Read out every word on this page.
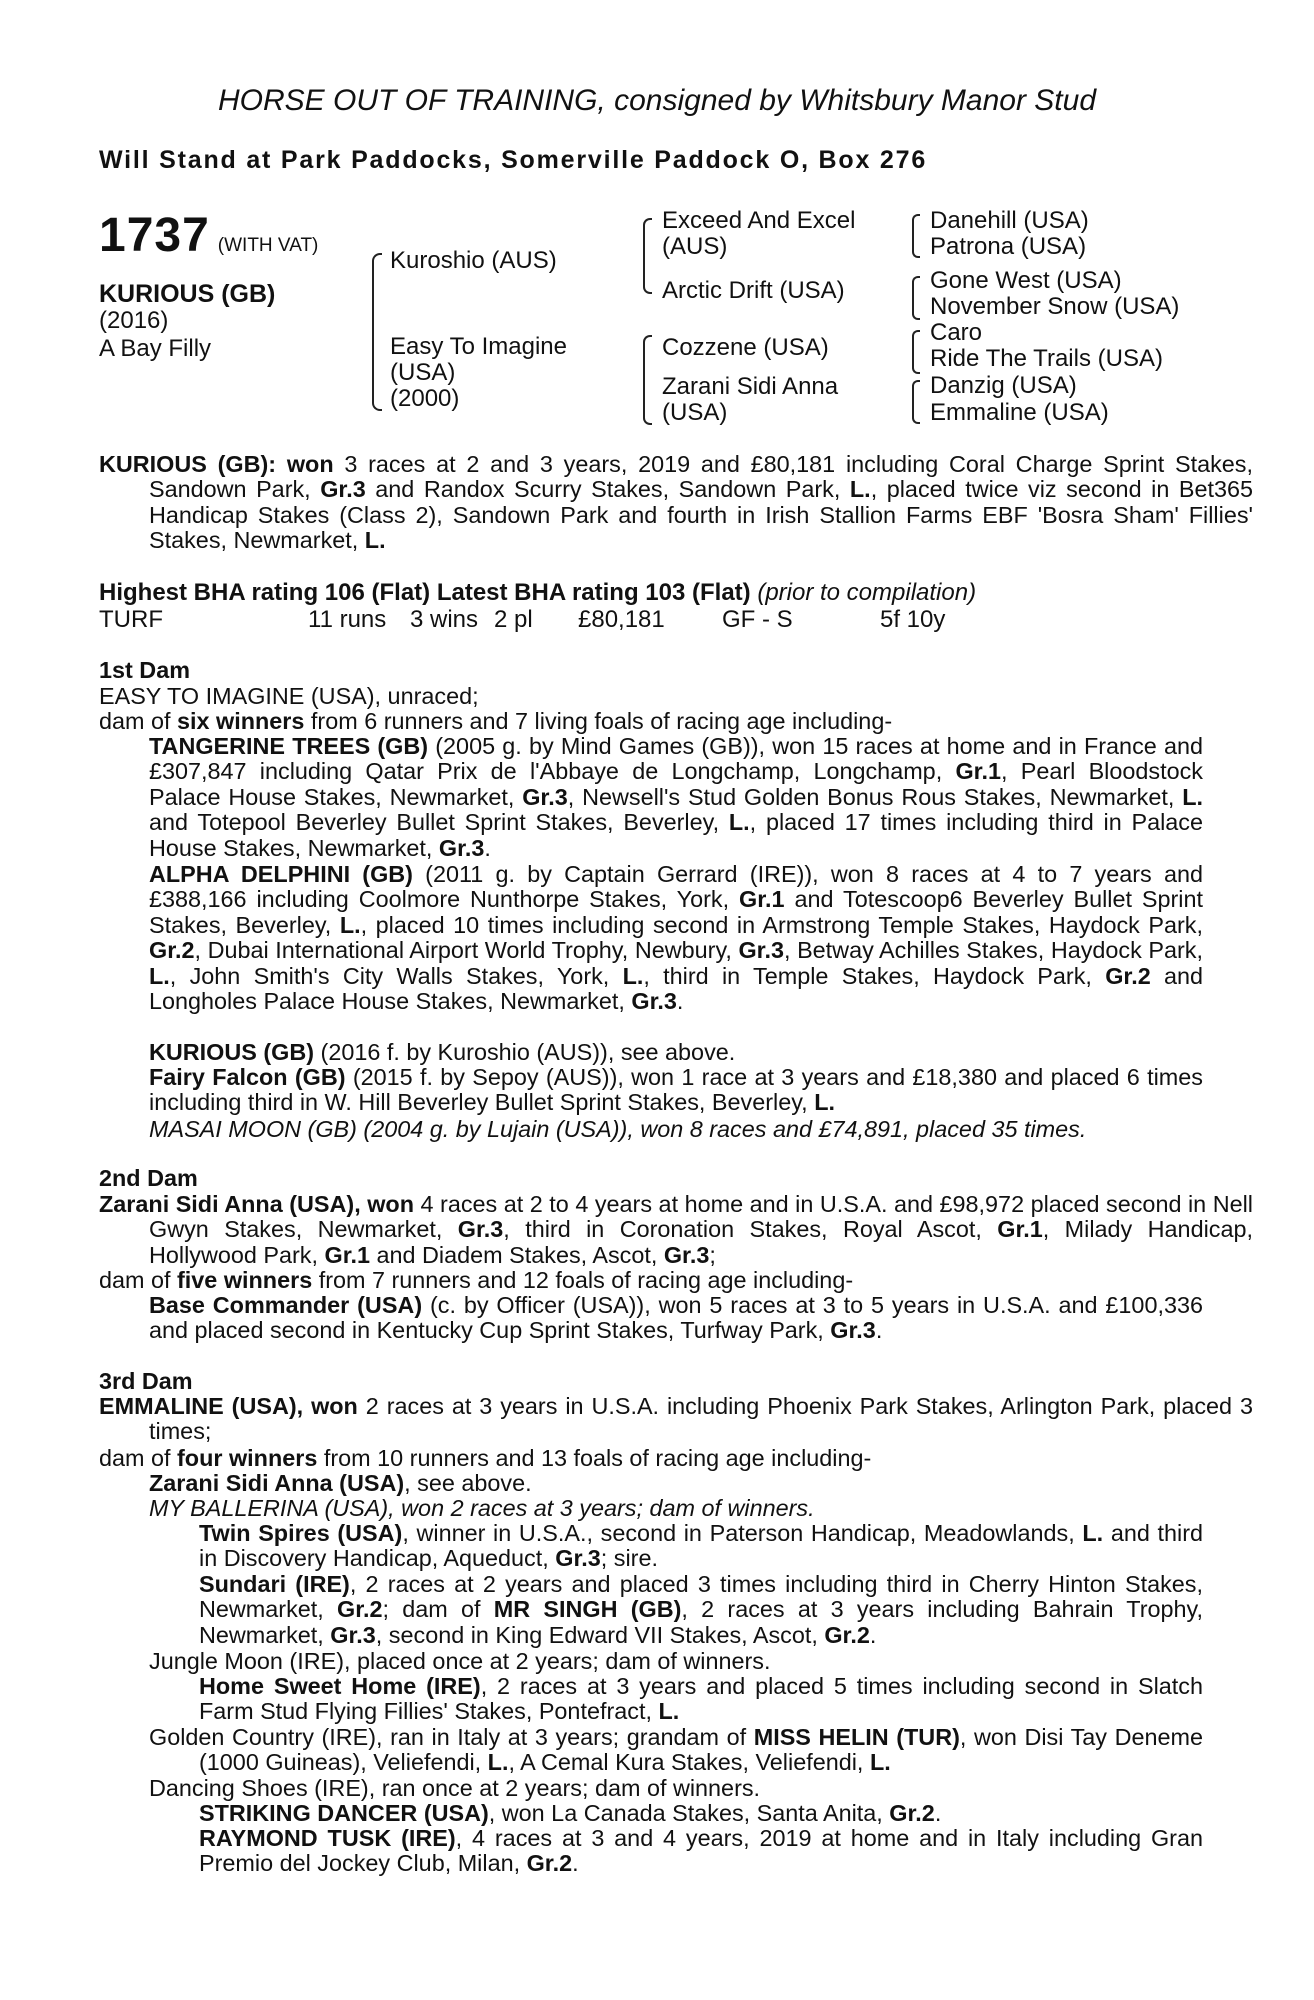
HORSE OUT OF TRAINING, consigned by Whitsbury Manor Stud
Will Stand at Park Paddocks, Somerville Paddock O, Box 276
1737 (WITH VAT)
KURIOUS (GB)
(2016)
A Bay Filly
Kuroshio (AUS)
Easy To Imagine
(USA)
(2000)
Exceed And Excel
(AUS)
Arctic Drift (USA)
Cozzene (USA)
Zarani Sidi Anna
(USA)
Danehill (USA)
Patrona (USA)
Gone West (USA)
November Snow (USA)
Caro
Ride The Trails (USA)
Danzig (USA)
Emmaline (USA)
KURIOUS (GB): won 3 races at 2 and 3 years, 2019 and £80,181 including Coral Charge Sprint Stakes, Sandown Park, Gr.3 and Randox Scurry Stakes, Sandown Park, L., placed twice viz second in Bet365 Handicap Stakes (Class 2), Sandown Park and fourth in Irish Stallion Farms EBF 'Bosra Sham' Fillies' Stakes, Newmarket, L.
Highest BHA rating 106 (Flat) Latest BHA rating 103 (Flat) (prior to compilation)
TURF	11 runs 3 wins 2 pl £80,181 GF - S	5f 10y
1st Dam
EASY TO IMAGINE (USA), unraced;
dam of six winners from 6 runners and 7 living foals of racing age including-
TANGERINE TREES (GB) (2005 g. by Mind Games (GB)), won 15 races at home and in France and £307,847 including Qatar Prix de l'Abbaye de Longchamp, Longchamp, Gr.1, Pearl Bloodstock Palace House Stakes, Newmarket, Gr.3, Newsell's Stud Golden Bonus Rous Stakes, Newmarket, L. and Totepool Beverley Bullet Sprint Stakes, Beverley, L., placed 17 times including third in Palace House Stakes, Newmarket, Gr.3.
ALPHA DELPHINI (GB) (2011 g. by Captain Gerrard (IRE)), won 8 races at 4 to 7 years and £388,166 including Coolmore Nunthorpe Stakes, York, Gr.1 and Totescoop6 Beverley Bullet Sprint Stakes, Beverley, L., placed 10 times including second in Armstrong Temple Stakes, Haydock Park, Gr.2, Dubai International Airport World Trophy, Newbury, Gr.3, Betway Achilles Stakes, Haydock Park, L., John Smith's City Walls Stakes, York, L., third in Temple Stakes, Haydock Park, Gr.2 and Longholes Palace House Stakes, Newmarket, Gr.3.
KURIOUS (GB) (2016 f. by Kuroshio (AUS)), see above.
Fairy Falcon (GB) (2015 f. by Sepoy (AUS)), won 1 race at 3 years and £18,380 and placed 6 times including third in W. Hill Beverley Bullet Sprint Stakes, Beverley, L.
MASAI MOON (GB) (2004 g. by Lujain (USA)), won 8 races and £74,891, placed 35 times.
2nd Dam
Zarani Sidi Anna (USA), won 4 races at 2 to 4 years at home and in U.S.A. and £98,972 placed second in Nell Gwyn Stakes, Newmarket, Gr.3, third in Coronation Stakes, Royal Ascot, Gr.1, Milady Handicap, Hollywood Park, Gr.1 and Diadem Stakes, Ascot, Gr.3;
dam of five winners from 7 runners and 12 foals of racing age including-
Base Commander (USA) (c. by Officer (USA)), won 5 races at 3 to 5 years in U.S.A. and £100,336 and placed second in Kentucky Cup Sprint Stakes, Turfway Park, Gr.3.
3rd Dam
EMMALINE (USA), won 2 races at 3 years in U.S.A. including Phoenix Park Stakes, Arlington Park, placed 3 times;
dam of four winners from 10 runners and 13 foals of racing age including-
Zarani Sidi Anna (USA), see above.
MY BALLERINA (USA), won 2 races at 3 years; dam of winners.
Twin Spires (USA), winner in U.S.A., second in Paterson Handicap, Meadowlands, L. and third in Discovery Handicap, Aqueduct, Gr.3; sire.
Sundari (IRE), 2 races at 2 years and placed 3 times including third in Cherry Hinton Stakes, Newmarket, Gr.2; dam of MR SINGH (GB), 2 races at 3 years including Bahrain Trophy, Newmarket, Gr.3, second in King Edward VII Stakes, Ascot, Gr.2.
Jungle Moon (IRE), placed once at 2 years; dam of winners.
Home Sweet Home (IRE), 2 races at 3 years and placed 5 times including second in Slatch Farm Stud Flying Fillies' Stakes, Pontefract, L.
Golden Country (IRE), ran in Italy at 3 years; grandam of MISS HELIN (TUR), won Disi Tay Deneme (1000 Guineas), Veliefendi, L., A Cemal Kura Stakes, Veliefendi, L.
Dancing Shoes (IRE), ran once at 2 years; dam of winners.
STRIKING DANCER (USA), won La Canada Stakes, Santa Anita, Gr.2.
RAYMOND TUSK (IRE), 4 races at 3 and 4 years, 2019 at home and in Italy including Gran Premio del Jockey Club, Milan, Gr.2.
